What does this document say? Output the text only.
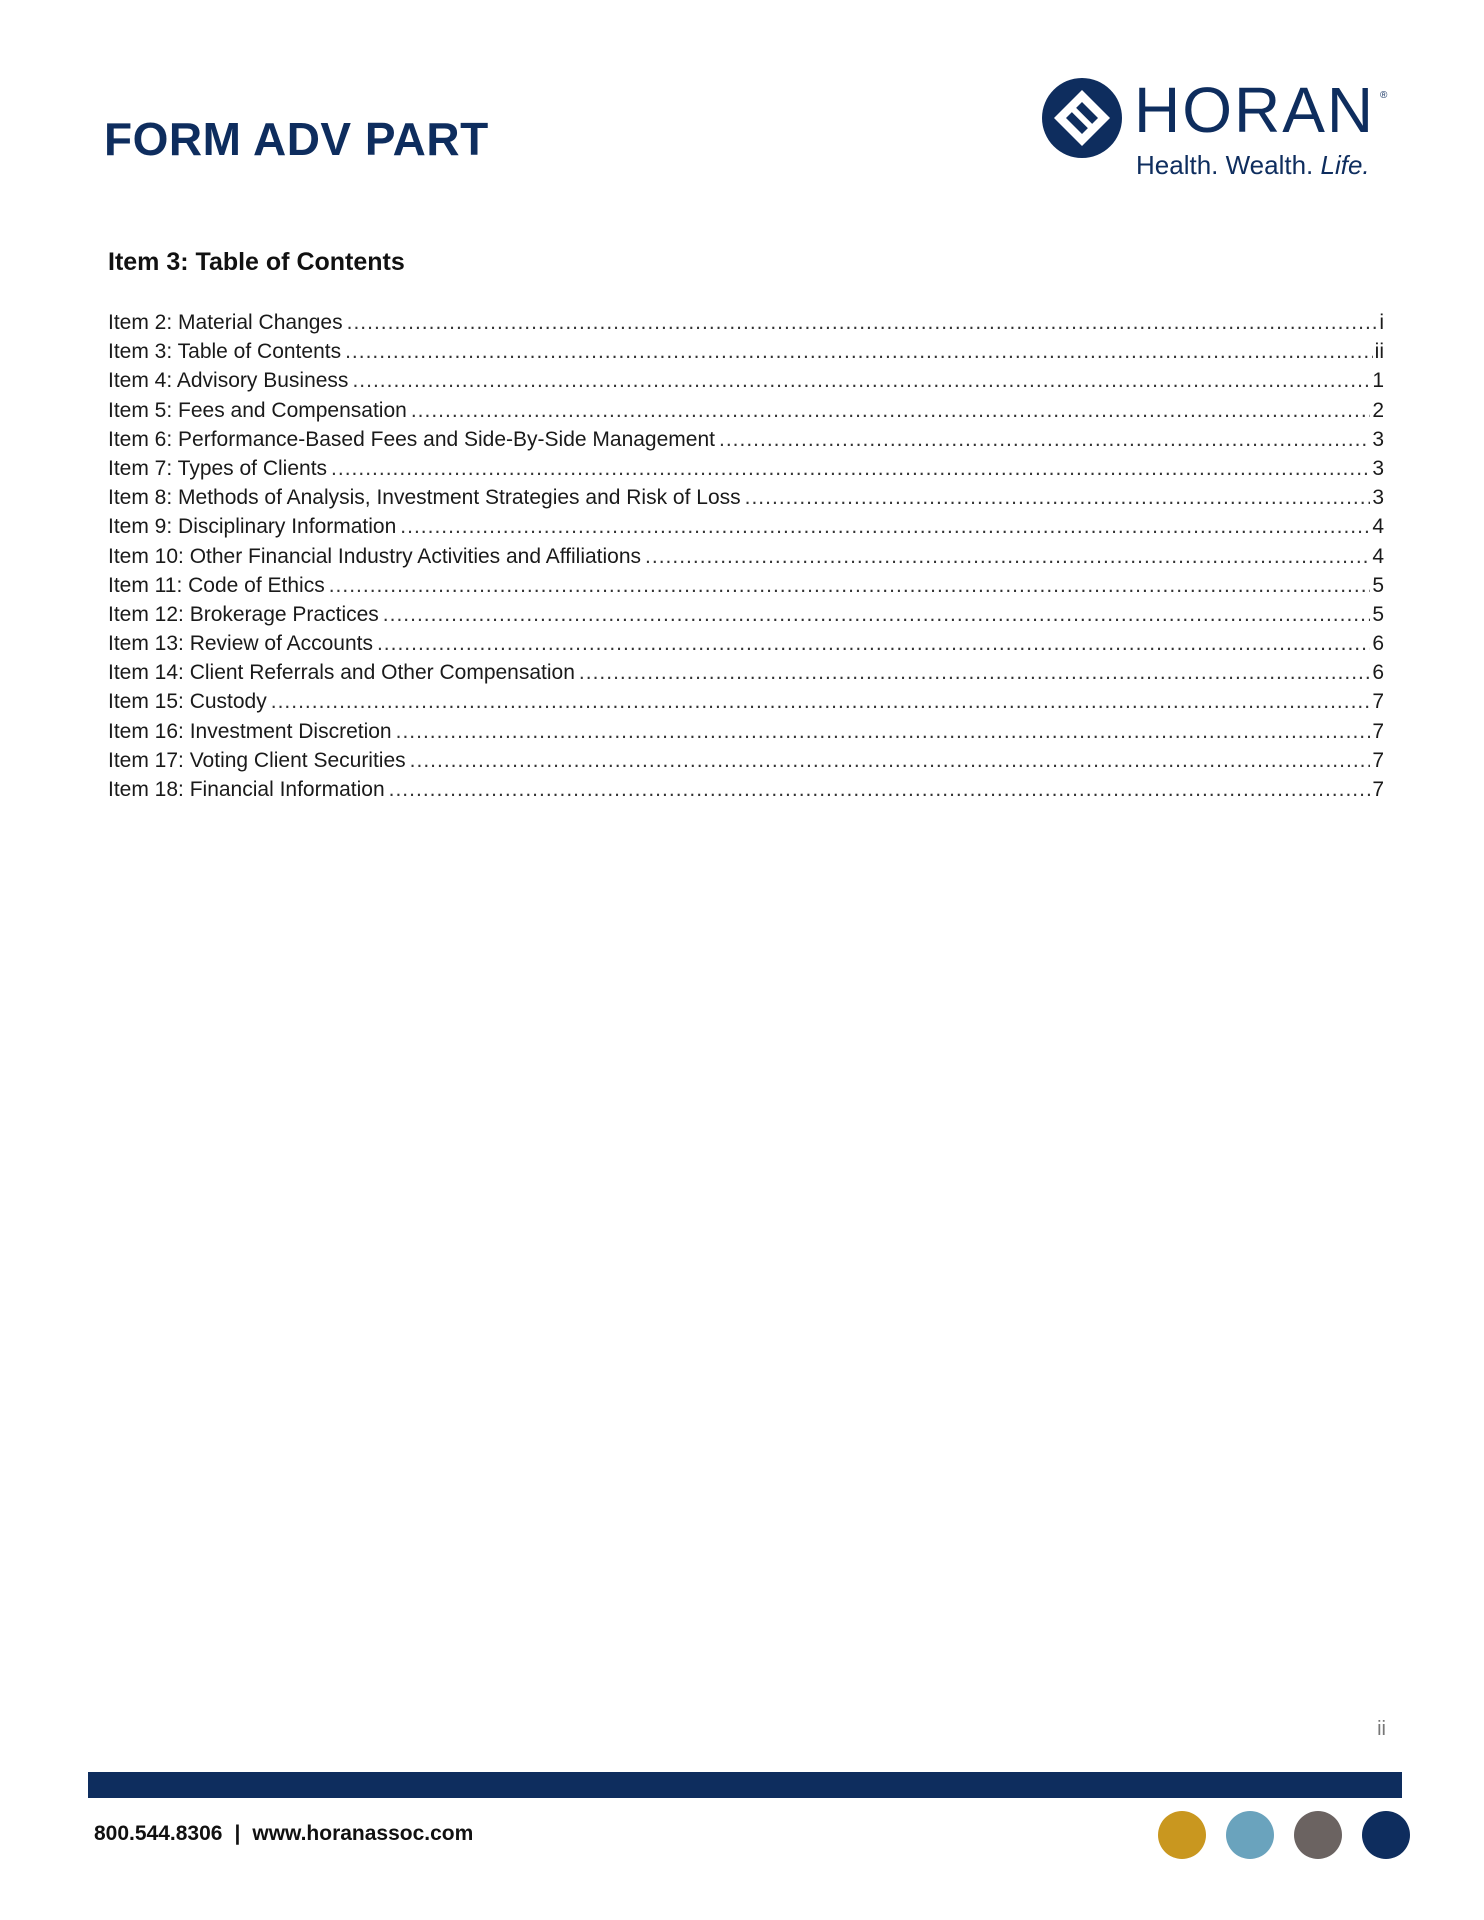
FORM ADV PART	HORAN ®
Health. Wealth. Life.
Item 3: Table of Contents
Item 2: Material Changes .....	i
Item 3: Table of Contents .....	ii
Item 4: Advisory Business .....	1
Item 5: Fees and Compensation .....	2
Item 6: Performance-Based Fees and Side-By-Side Management .....	3
Item 7: Types of Clients .....	3
Item 8: Methods of Analysis, Investment Strategies and Risk of Loss .....	3
Item 9: Disciplinary Information .....	4
Item 10: Other Financial Industry Activities and Affiliations .....	4
Item 11: Code of Ethics .....	5
Item 12: Brokerage Practices .....	5
Item 13: Review of Accounts .....	6
Item 14: Client Referrals and Other Compensation .....	6
Item 15: Custody .....	7
Item 16: Investment Discretion .....	7
Item 17: Voting Client Securities .....	7
Item 18: Financial Information .....	7
ii
800.544.8306 | www.horanassoc.com
